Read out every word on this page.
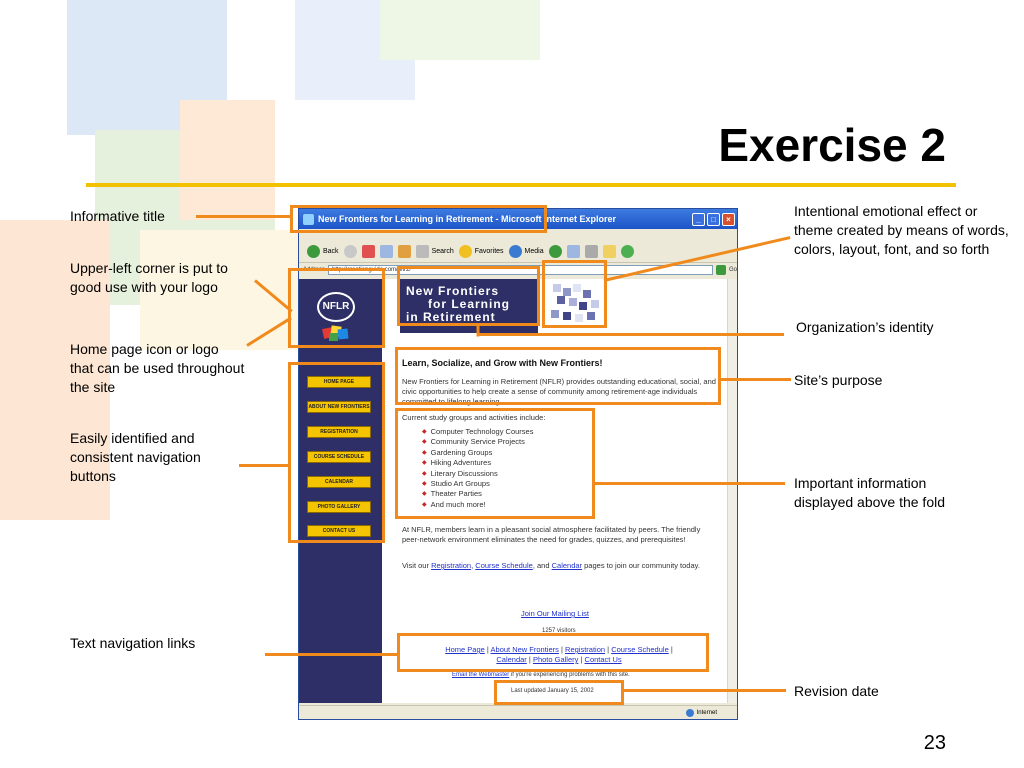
Exercise 2
Informative title
Upper-left corner is put to good use with your logo
Home page icon or logo that can be used throughout the site
Easily identified and consistent navigation buttons
Text navigation links
Intentional emotional effect or theme created by means of words, colors, layout, font, and so forth
Organization’s identity
Site’s purpose
Important information displayed above the fold
Revision date
New Frontiers for Learning in Retirement - Microsoft Internet Explorer	_	□	×
Back	Search	Favorites	Media
Address	http://creationguide.com/nflr2/	Go
NFLR
HOME PAGE
ABOUT NEW FRONTIERS
REGISTRATION
COURSE SCHEDULE
CALENDAR
PHOTO GALLERY
CONTACT US
New Frontiers
for Learning
in Retirement
Learn, Socialize, and Grow with New Frontiers!
New Frontiers for Learning in Retirement (NFLR) provides outstanding educational, social, and civic opportunities to help create a sense of community among retirement-age individuals committed to lifelong learning
Current study groups and activities include:
◆ Computer Technology Courses
◆ Community Service Projects
◆ Gardening Groups
◆ Hiking Adventures
◆ Literary Discussions
◆ Studio Art Groups
◆ Theater Parties
◆ And much more!
At NFLR, members learn in a pleasant social atmosphere facilitated by peers. The friendly peer-network environment eliminates the need for grades, quizzes, and prerequisites!
Visit our Registration, Course Schedule, and Calendar pages to join our community today.
Join Our Mailing List
1257 visitors
Home Page | About New Frontiers | Registration | Course Schedule |
Calendar | Photo Gallery | Contact Us
Email the Webmaster if you're experiencing problems with this site.
Last updated January 15, 2002
Internet
23
